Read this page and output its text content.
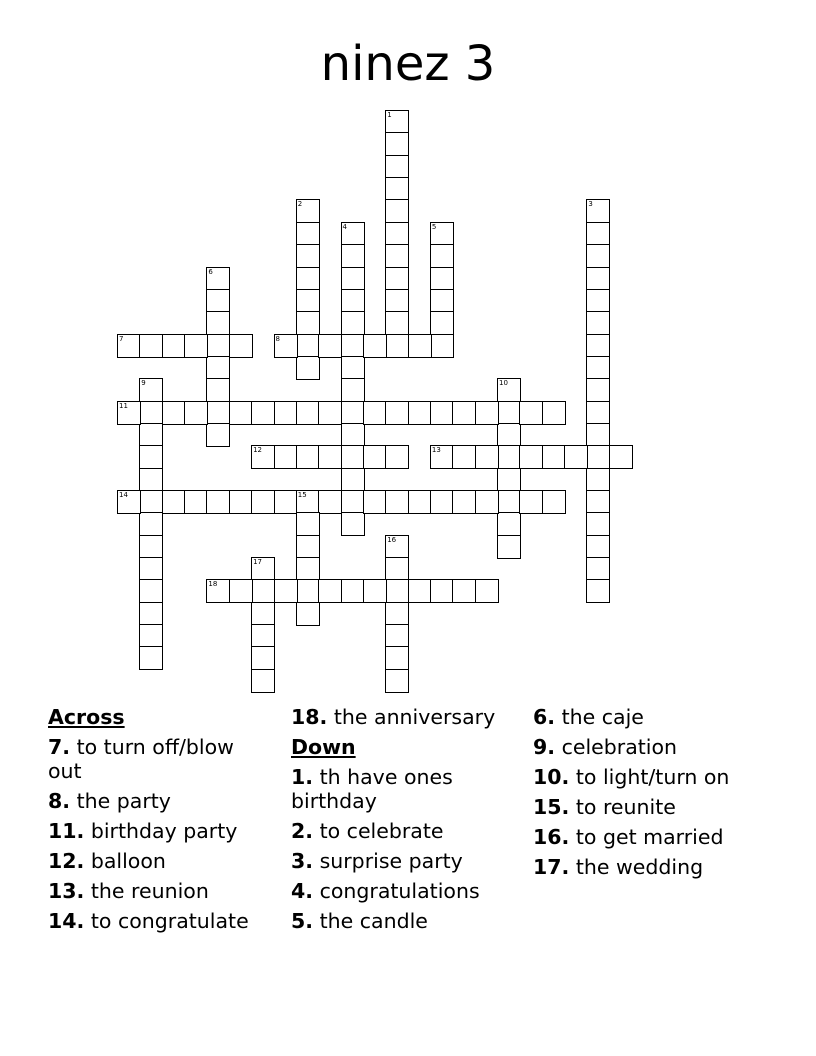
ninez 3
1
2	3
4	5
6
7	8
9	10
11
12	13
14	15
16
17
18
Across
7. to turn off/blow out
8. the party
11. birthday party
12. balloon
13. the reunion
14. to congratulate
18. the anniversary
Down
1. th have ones birthday
2. to celebrate
3. surprise party
4. congratulations
5. the candle
6. the caje
9. celebration
10. to light/turn on
15. to reunite
16. to get married
17. the wedding
